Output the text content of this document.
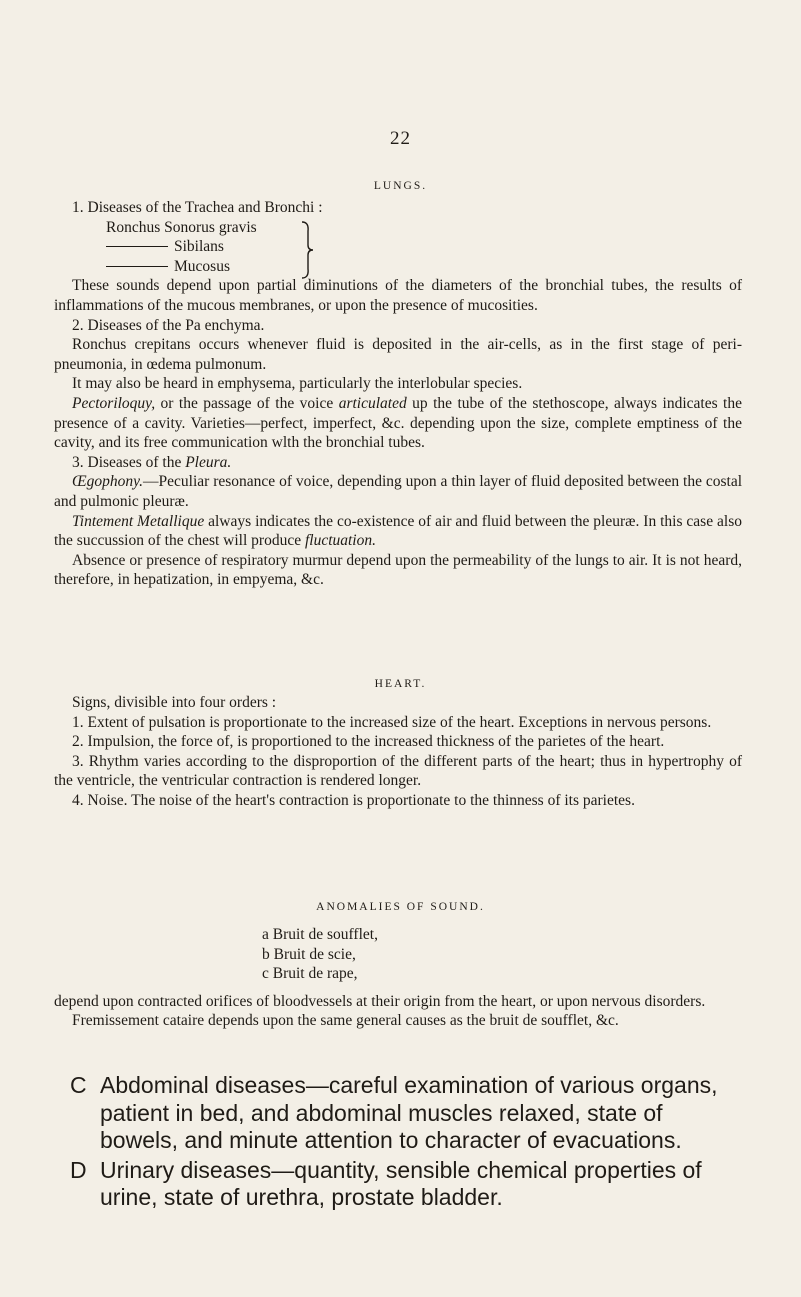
22
LUNGS.

1. Diseases of the Trachea and Bronchi :

Ronchus Sonorus gravis
Sibilans
Mucosus

These sounds depend upon partial diminutions of the diameters of the bronchial tubes, the results of inflammations of the mucous membranes, or upon the presence of mucosities.

2. Diseases of the Pa enchyma.

Ronchus crepitans occurs whenever fluid is deposited in the air-cells, as in the first stage of peri-pneumonia, in œdema pulmonum.

It may also be heard in emphysema, particularly the interlobular species.

Pectoriloquy, or the passage of the voice articulated up the tube of the stethoscope, always indicates the presence of a cavity. Varieties—perfect, imperfect, &c. depending upon the size, complete emptiness of the cavity, and its free communication wlth the bronchial tubes.

3. Diseases of the Pleura.

Œgophony.—Peculiar resonance of voice, depending upon a thin layer of fluid deposited between the costal and pulmonic pleuræ.

Tintement Metallique always indicates the co-existence of air and fluid between the pleuræ. In this case also the succussion of the chest will produce fluctuation.

Absence or presence of respiratory murmur depend upon the permeability of the lungs to air. It is not heard, therefore, in hepatization, in empyema, &c.

HEART.

Signs, divisible into four orders :

1. Extent of pulsation is proportionate to the increased size of the heart. Exceptions in nervous persons.

2. Impulsion, the force of, is proportioned to the increased thickness of the parietes of the heart.

3. Rhythm varies according to the disproportion of the different parts of the heart; thus in hypertrophy of the ventricle, the ventricular contraction is rendered longer.

4. Noise. The noise of the heart's contraction is proportionate to the thinness of its parietes.

ANOMALIES OF SOUND.

a Bruit de soufflet,

b Bruit de scie,

c Bruit de rape,

depend upon contracted orifices of bloodvessels at their origin from the heart, or upon nervous disorders.

Fremissement cataire depends upon the same general causes as the bruit de soufflet, &c.

C Abdominal diseases—careful examination of various organs, patient in bed, and abdominal muscles relaxed, state of bowels, and minute attention to character of evacuations.

D Urinary diseases—quantity, sensible chemical properties of urine, state of urethra, prostate bladder.
